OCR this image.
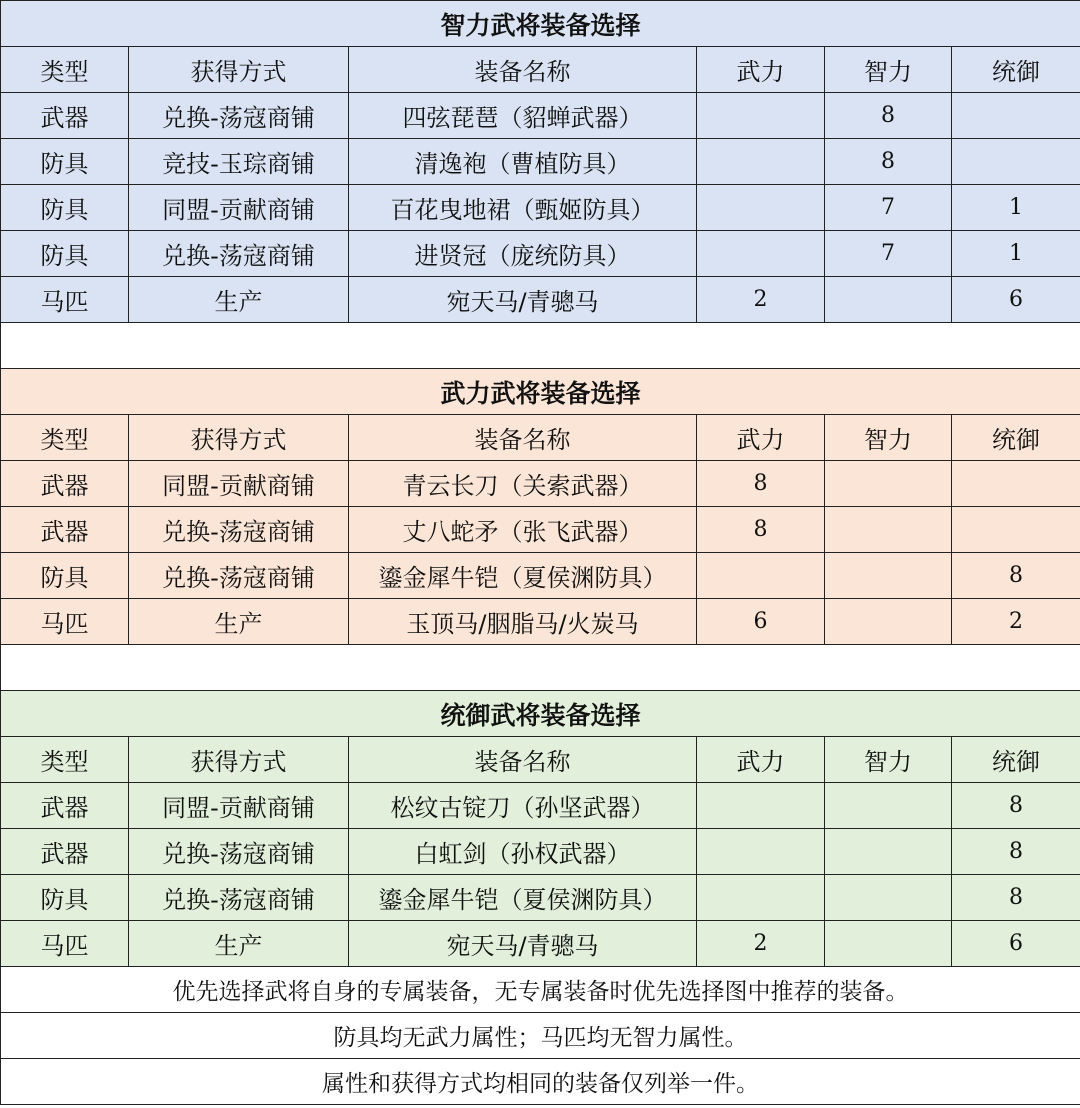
智力武将装备选择					
类型	获得方式	装备名称	武力	智力	统御
武器	兑换-荡寇商铺	四弦琵琶（貂蝉武器）		8	
防具	竞技-玉琮商铺	清逸袍（曹植防具）		8	
防具	同盟-贡献商铺	百花曳地裙（甄姬防具）		7	1
防具	兑换-荡寇商铺	进贤冠（庞统防具）		7	1
马匹	生产	宛天马/青骢马	2		6

武力武将装备选择					
类型	获得方式	装备名称	武力	智力	统御
武器	同盟-贡献商铺	青云长刀（关索武器）	8		
武器	兑换-荡寇商铺	丈八蛇矛（张飞武器）	8		
防具	兑换-荡寇商铺	鎏金犀牛铠（夏侯渊防具）			8
马匹	生产	玉顶马/胭脂马/火炭马	6		2

统御武将装备选择					
类型	获得方式	装备名称	武力	智力	统御
武器	同盟-贡献商铺	松纹古锭刀（孙坚武器）			8
武器	兑换-荡寇商铺	白虹剑（孙权武器）			8
防具	兑换-荡寇商铺	鎏金犀牛铠（夏侯渊防具）			8
马匹	生产	宛天马/青骢马	2		6
优先选择武将自身的专属装备，无专属装备时优先选择图中推荐的装备。					
防具均无武力属性；马匹均无智力属性。					
属性和获得方式均相同的装备仅列举一件。					
